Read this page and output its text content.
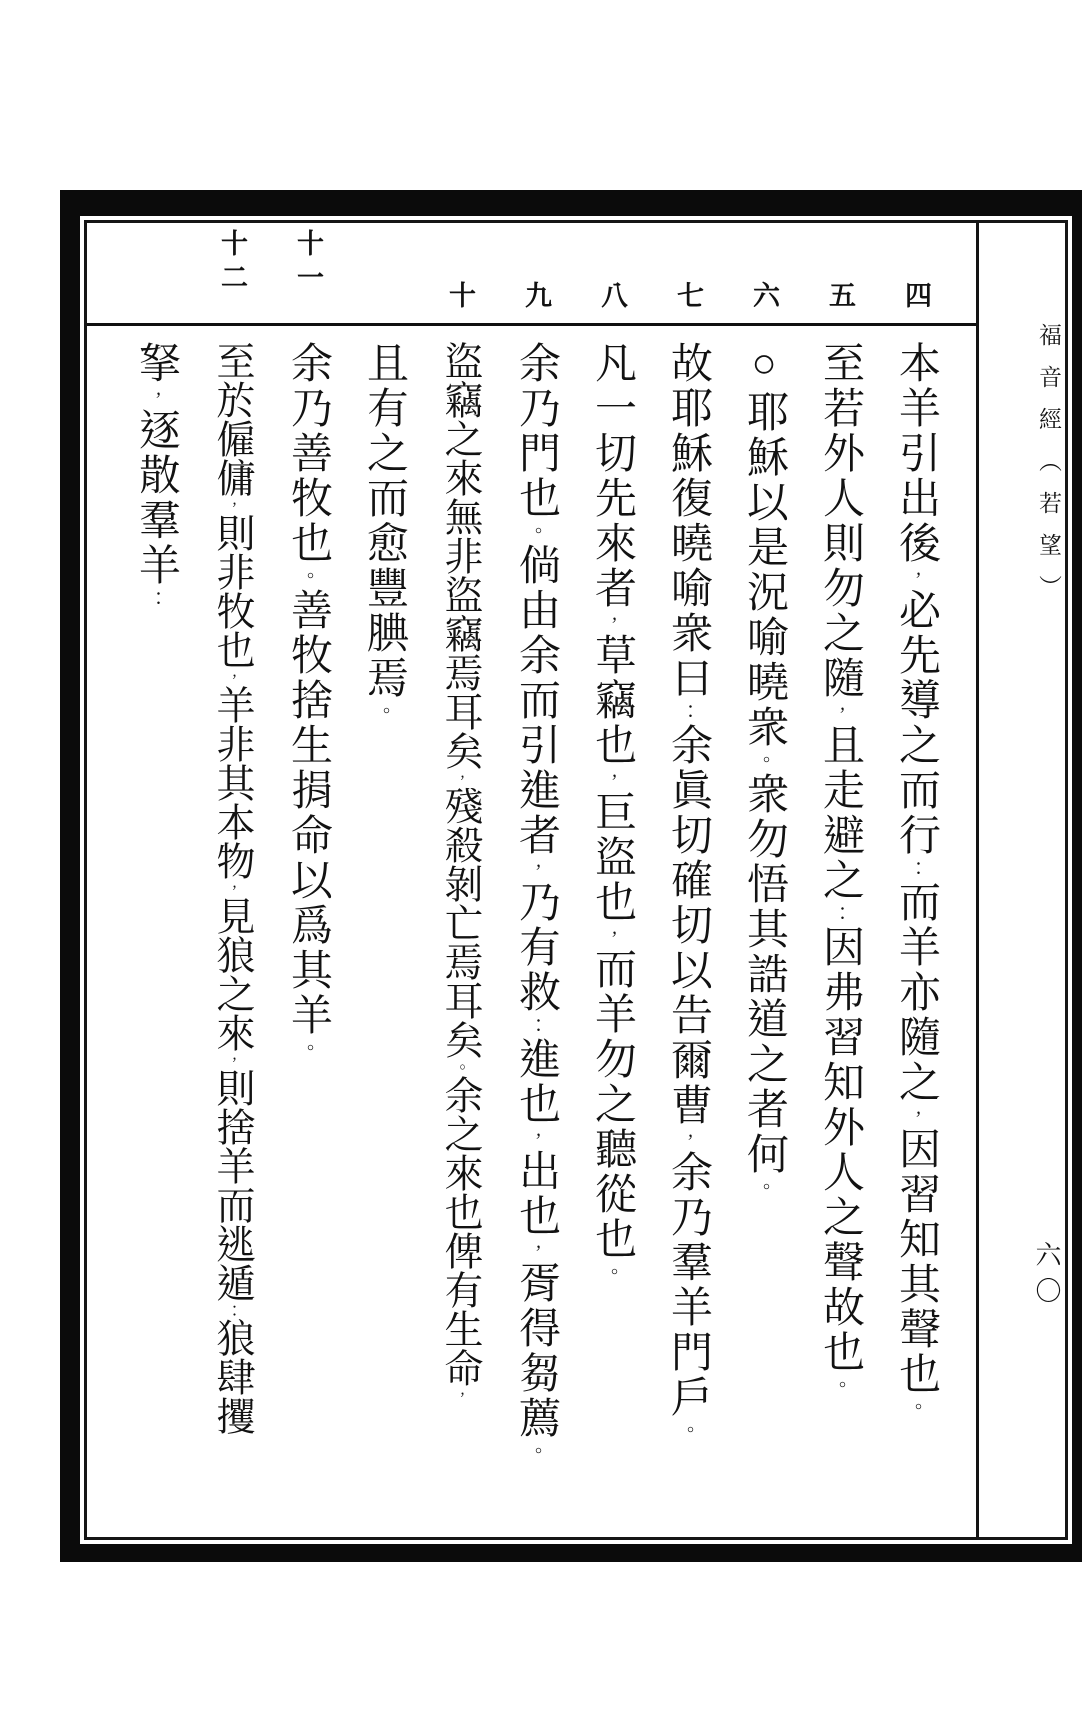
四
本羊引出後，必先導之而行：而羊亦隨之，因習知其聲也。
五
至若外人則勿之隨，且走避之：因弗習知外人之聲故也。
六
○耶穌以是況喻曉衆。衆勿悟其誥道之者何。
七
故耶穌復曉喻衆曰：余眞切確切以告爾曹，余乃羣羊門戶。
八
凡一切先來者，草竊也，巨盜也，而羊勿之聽從也。
九
余乃門也。倘由余而引進者，乃有救：進也，出也，胥得芻薦。
十
盜竊之來無非盜竊焉耳矣，殘殺剝亡焉耳矣。余之來也俾有生命，
且有之而愈豐腆焉。
十一
余乃善牧也。善牧捨生捐命以爲其羊。
十二
至於僱傭，則非牧也，羊非其本物，見狼之來，則捨羊而逃遁：狼肆攫
拏，逐散羣羊：	福音經（若望）
六〇
